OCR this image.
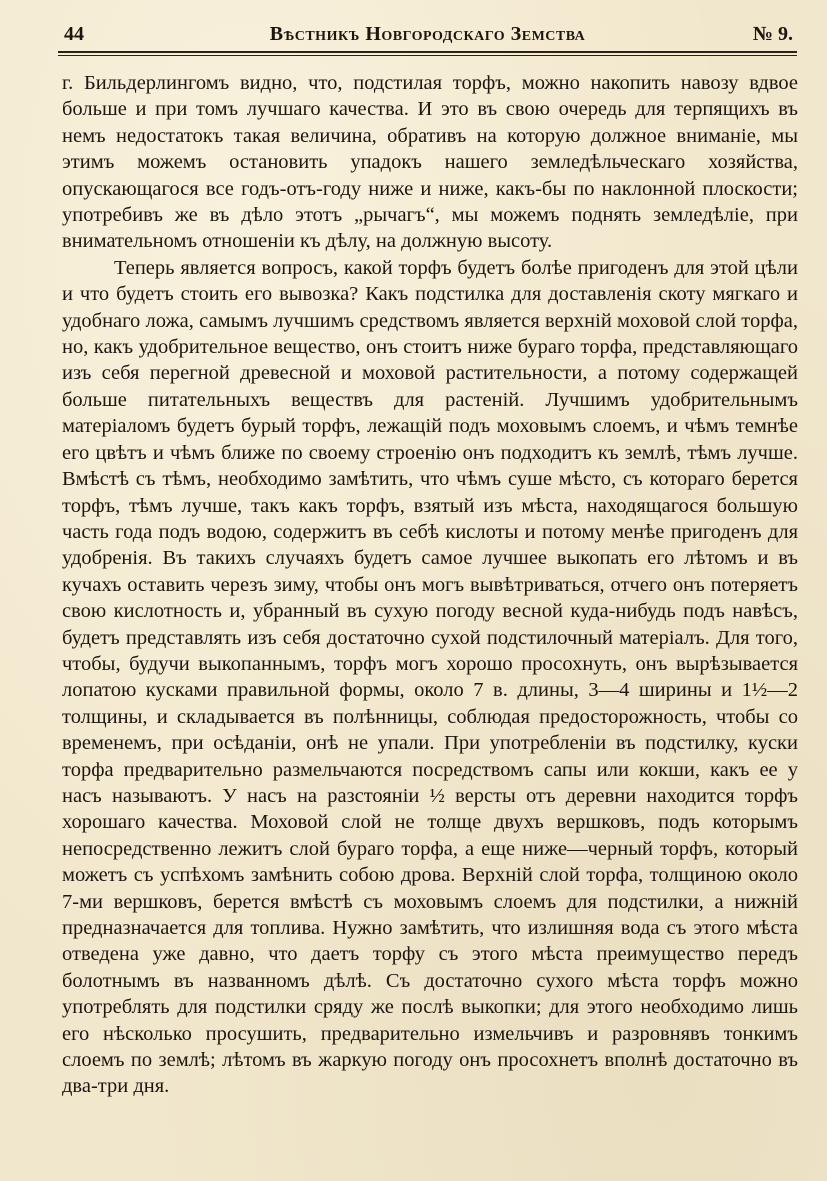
44	Вѣстникъ Новгородскаго Земства	№ 9.

г. Бильдерлингомъ видно, что, подстилая торфъ, можно накопить навозу вдвое больше и при томъ лучшаго качества. И это въ свою очередь для терпящихъ въ немъ недостатокъ такая величина, обративъ на которую должное вниманіе, мы этимъ можемъ остановить упадокъ нашего земледѣльческаго хозяйства, опускающагося все годъ-отъ-году ниже и ниже, какъ-бы по наклонной плоскости; употребивъ же въ дѣло этотъ „рычагъ“, мы можемъ поднять земледѣліе, при внимательномъ отношеніи къ дѣлу, на должную высоту.

Теперь является вопросъ, какой торфъ будетъ болѣе пригоденъ для этой цѣли и что будетъ стоить его вывозка? Какъ подстилка для доставленія скоту мягкаго и удобнаго ложа, самымъ лучшимъ средствомъ является верхній моховой слой торфа, но, какъ удобрительное вещество, онъ стоитъ ниже бураго торфа, представляющаго изъ себя перегной древесной и моховой растительности, а потому содержащей больше питательныхъ веществъ для растеній. Лучшимъ удобрительнымъ матеріаломъ будетъ бурый торфъ, лежащій подъ моховымъ слоемъ, и чѣмъ темнѣе его цвѣтъ и чѣмъ ближе по своему строенію онъ подходитъ къ землѣ, тѣмъ лучше. Вмѣстѣ съ тѣмъ, необходимо замѣтить, что чѣмъ суше мѣсто, съ котораго берется торфъ, тѣмъ лучше, такъ какъ торфъ, взятый изъ мѣста, находящагося большую часть года подъ водою, содержитъ въ себѣ кислоты и потому менѣе пригоденъ для удобренія. Въ такихъ случаяхъ будетъ самое лучшее выкопать его лѣтомъ и въ кучахъ оставить черезъ зиму, чтобы онъ могъ вывѣтриваться, отчего онъ потеряетъ свою кислотность и, убранный въ сухую погоду весной куда-нибудь подъ навѣсъ, будетъ представлять изъ себя достаточно сухой подстилочный матеріалъ. Для того, чтобы, будучи выкопаннымъ, торфъ могъ хорошо просохнуть, онъ вырѣзывается лопатою кусками правильной формы, около 7 в. длины, 3—4 ширины и 1½—2 толщины, и складывается въ полѣнницы, соблюдая предосторожность, чтобы со временемъ, при осѣданіи, онѣ не упали. При употребленіи въ подстилку, куски торфа предварительно размельчаются посредствомъ сапы или кокши, какъ ее у насъ называютъ. У насъ на разстояніи ½ версты отъ деревни находится торфъ хорошаго качества. Моховой слой не толще двухъ вершковъ, подъ которымъ непосредственно лежитъ слой бураго торфа, а еще ниже—черный торфъ, который можетъ съ успѣхомъ замѣнить собою дрова. Верхній слой торфа, толщиною около 7-ми вершковъ, берется вмѣстѣ съ моховымъ слоемъ для подстилки, а нижній предназначается для топлива. Нужно замѣтить, что излишняя вода съ этого мѣста отведена уже давно, что даетъ торфу съ этого мѣста преимущество передъ болотнымъ въ названномъ дѣлѣ. Съ достаточно сухого мѣста торфъ можно употреблять для подстилки сряду же послѣ выкопки; для этого необходимо лишь его нѣсколько просушить, предварительно измельчивъ и разровнявъ тонкимъ слоемъ по землѣ; лѣтомъ въ жаркую погоду онъ просохнетъ вполнѣ достаточно въ два-три дня.
